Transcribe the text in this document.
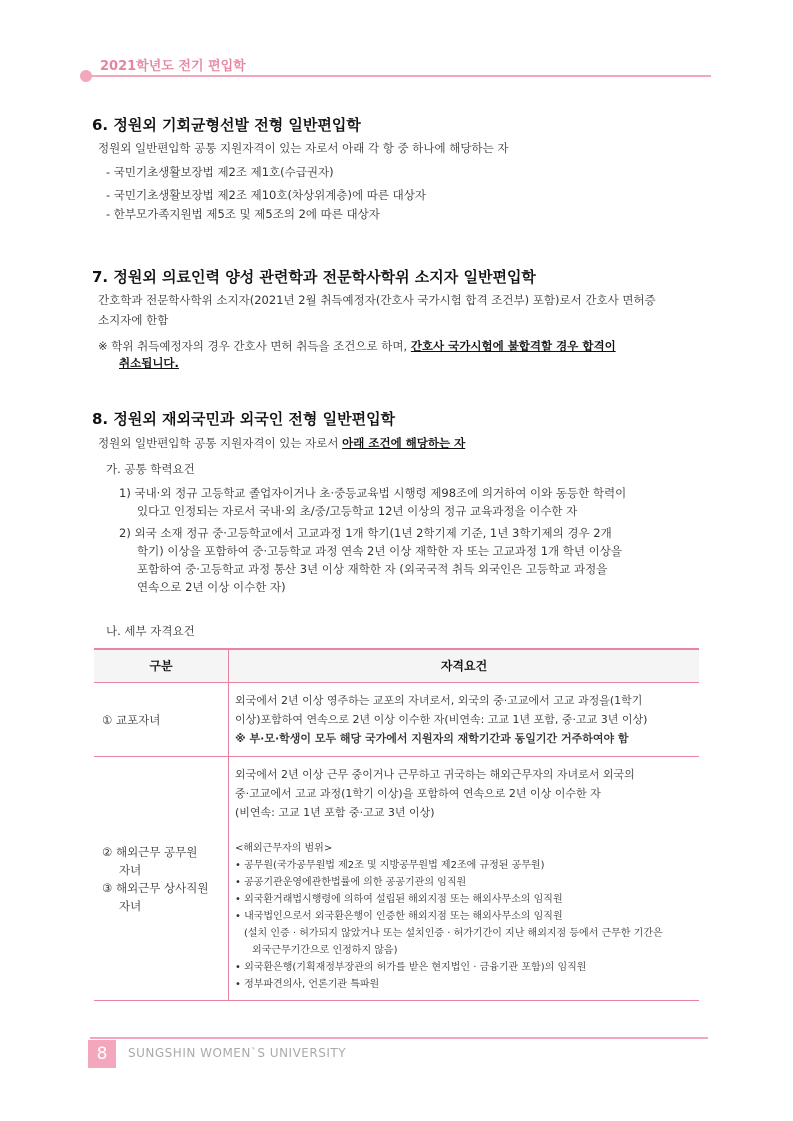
2021학년도 전기 편입학
6. 정원외 기회균형선발 전형 일반편입학
정원외 일반편입학 공통 지원자격이 있는 자로서 아래 각 항 중 하나에 해당하는 자
- 국민기초생활보장법 제2조 제1호(수급권자)
- 국민기초생활보장법 제2조 제10호(차상위계층)에 따른 대상자
- 한부모가족지원법 제5조 및 제5조의 2에 따른 대상자
7. 정원외 의료인력 양성 관련학과 전문학사학위 소지자 일반편입학
간호학과 전문학사학위 소지자(2021년 2월 취득예정자(간호사 국가시험 합격 조건부) 포함)로서 간호사 면허증
소지자에 한함
※ 학위 취득예정자의 경우 간호사 면허 취득을 조건으로 하며, 간호사 국가시험에 불합격할 경우 합격이
취소됩니다.
8. 정원외 재외국민과 외국인 전형 일반편입학
정원외 일반편입학 공통 지원자격이 있는 자로서 아래 조건에 해당하는 자
가. 공통 학력요건
1) 국내·외 정규 고등학교 졸업자이거나 초·중등교육법 시행령 제98조에 의거하여 이와 동등한 학력이
있다고 인정되는 자로서 국내·외 초/중/고등학교 12년 이상의 정규 교육과정을 이수한 자
2) 외국 소재 정규 중·고등학교에서 고교과정 1개 학기(1년 2학기제 기준, 1년 3학기제의 경우 2개
학기) 이상을 포함하여 중·고등학교 과정 연속 2년 이상 재학한 자 또는 고교과정 1개 학년 이상을
포함하여 중·고등학교 과정 통산 3년 이상 재학한 자 (외국국적 취득 외국인은 고등학교 과정을
연속으로 2년 이상 이수한 자)
나. 세부 자격요건
구분	자격요건
① 교포자녀
외국에서 2년 이상 영주하는 교포의 자녀로서, 외국의 중·고교에서 고교 과정을(1학기
이상)포함하여 연속으로 2년 이상 이수한 자(비연속: 고교 1년 포함, 중·고교 3년 이상)
※ 부·모·학생이 모두 해당 국가에서 지원자의 재학기간과 동일기간 거주하여야 함
② 해외근무 공무원
자녀
③ 해외근무 상사직원
자녀
외국에서 2년 이상 근무 중이거나 근무하고 귀국하는 해외근무자의 자녀로서 외국의
중·고교에서 고교 과정(1학기 이상)을 포함하여 연속으로 2년 이상 이수한 자
(비연속: 고교 1년 포함 중·고교 3년 이상)
<해외근무자의 범위>
• 공무원(국가공무원법 제2조 및 지방공무원법 제2조에 규정된 공무원)
• 공공기관운영에관한법률에 의한 공공기관의 임직원
• 외국환거래법시행령에 의하여 설립된 해외지점 또는 해외사무소의 임직원
• 내국법인으로서 외국환은행이 인증한 해외지점 또는 해외사무소의 임직원
(설치 인증 · 허가되지 않았거나 또는 설치인증 · 허가기간이 지난 해외지점 등에서 근무한 기간은
외국근무기간으로 인정하지 않음)
• 외국환은행(기획재정부장관의 허가를 받은 현지법인 · 금융기관 포함)의 임직원
• 정부파견의사, 언론기관 특파원
8	SUNGSHIN WOMEN`S UNIVERSITY
